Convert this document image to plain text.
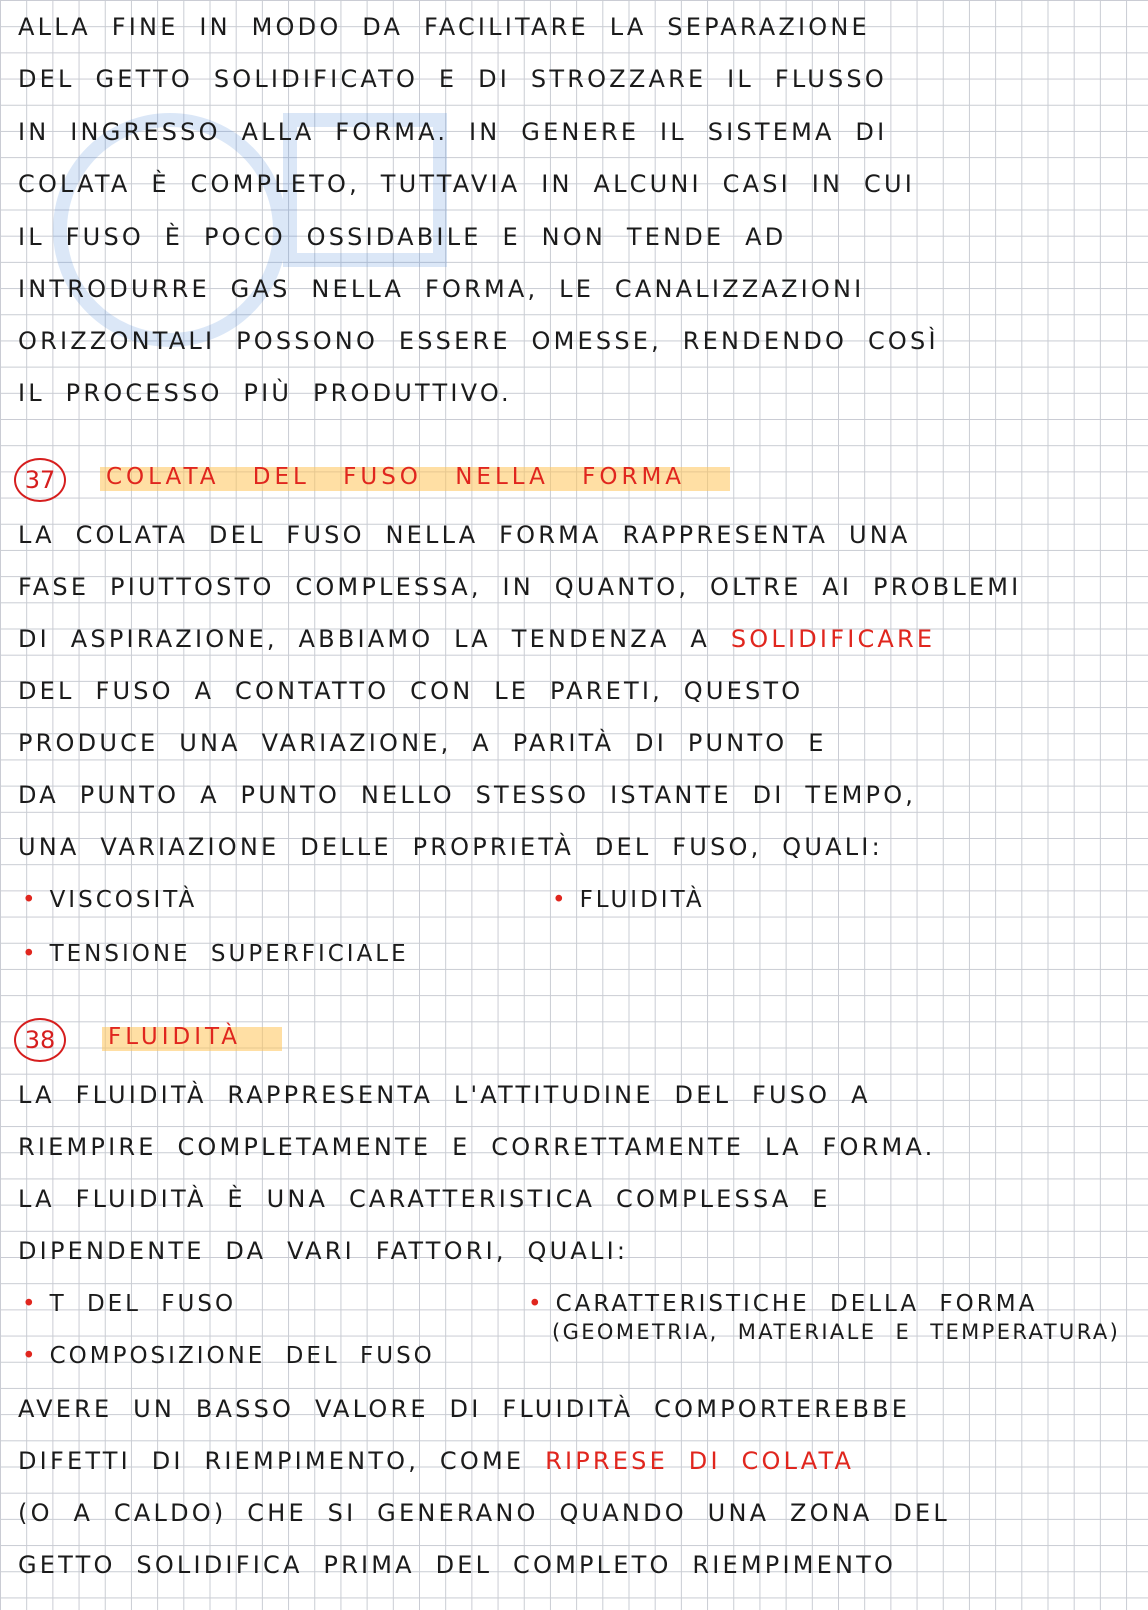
ALLA FINE IN MODO DA FACILITARE LA SEPARAZIONE
DEL GETTO SOLIDIFICATO E DI STROZZARE IL FLUSSO
IN INGRESSO ALLA FORMA. IN GENERE IL SISTEMA DI
COLATA È COMPLETO, TUTTAVIA IN ALCUNI CASI IN CUI
IL FUSO È POCO OSSIDABILE E NON TENDE AD
INTRODURRE GAS NELLA FORMA, LE CANALIZZAZIONI
ORIZZONTALI POSSONO ESSERE OMESSE, RENDENDO COSÌ
IL PROCESSO PIÙ PRODUTTIVO.
37	COLATA DEL FUSO NELLA FORMA
LA COLATA DEL FUSO NELLA FORMA RAPPRESENTA UNA
FASE PIUTTOSTO COMPLESSA, IN QUANTO, OLTRE AI PROBLEMI
DI ASPIRAZIONE, ABBIAMO LA TENDENZA A SOLIDIFICARE
DEL FUSO A CONTATTO CON LE PARETI, QUESTO
PRODUCE UNA VARIAZIONE, A PARITÀ DI PUNTO E
DA PUNTO A PUNTO NELLO STESSO ISTANTE DI TEMPO,
UNA VARIAZIONE DELLE PROPRIETÀ DEL FUSO, QUALI:
• VISCOSITÀ	• FLUIDITÀ
• TENSIONE SUPERFICIALE
38	FLUIDITÀ
LA FLUIDITÀ RAPPRESENTA L'ATTITUDINE DEL FUSO A
RIEMPIRE COMPLETAMENTE E CORRETTAMENTE LA FORMA.
LA FLUIDITÀ È UNA CARATTERISTICA COMPLESSA E
DIPENDENTE DA VARI FATTORI, QUALI:
• T DEL FUSO	• CARATTERISTICHE DELLA FORMA
(GEOMETRIA, MATERIALE E TEMPERATURA)
• COMPOSIZIONE DEL FUSO
AVERE UN BASSO VALORE DI FLUIDITÀ COMPORTEREBBE
DIFETTI DI RIEMPIMENTO, COME RIPRESE DI COLATA
(O A CALDO) CHE SI GENERANO QUANDO UNA ZONA DEL
GETTO SOLIDIFICA PRIMA DEL COMPLETO RIEMPIMENTO
